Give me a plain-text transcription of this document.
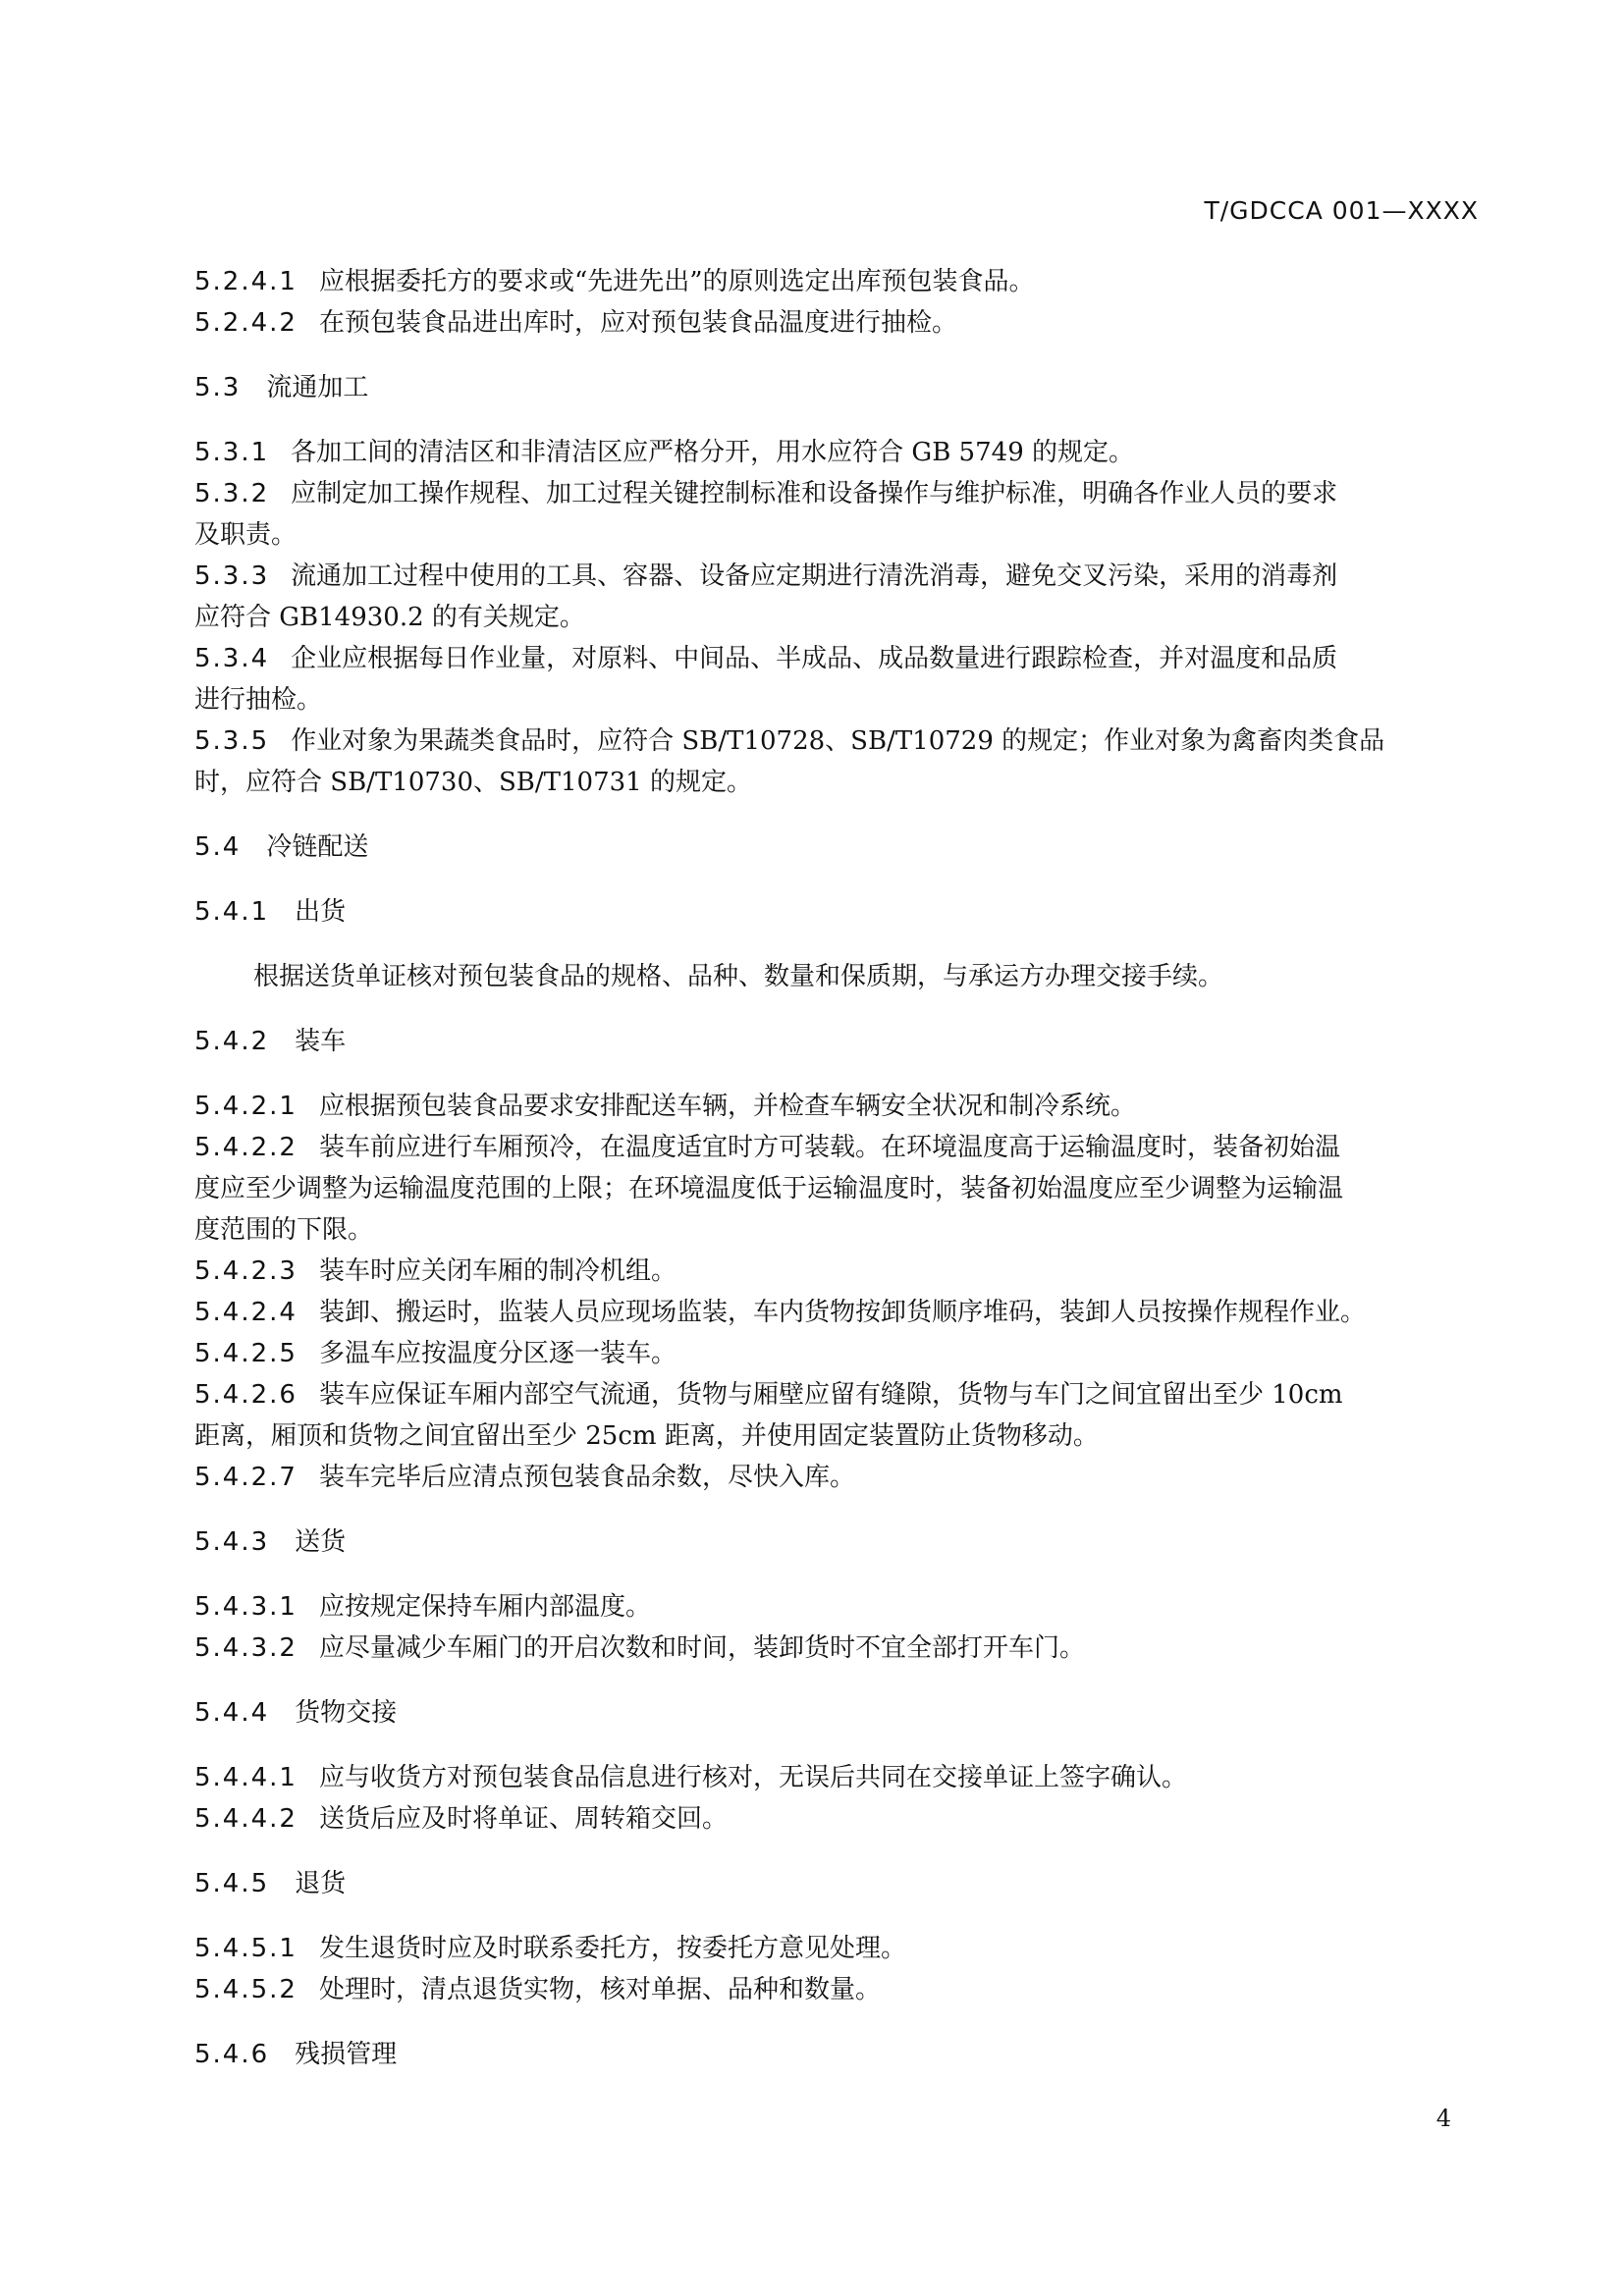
T/GDCCA 001—XXXX
5.2.4.1 应根据委托方的要求或“先进先出”的原则选定出库预包装食品。
5.2.4.2 在预包装食品进出库时，应对预包装食品温度进行抽检。
5.3 流通加工
5.3.1 各加工间的清洁区和非清洁区应严格分开，用水应符合 GB 5749 的规定。
5.3.2 应制定加工操作规程、加工过程关键控制标准和设备操作与维护标准，明确各作业人员的要求
及职责。
5.3.3 流通加工过程中使用的工具、容器、设备应定期进行清洗消毒，避免交叉污染，采用的消毒剂
应符合 GB14930.2 的有关规定。
5.3.4 企业应根据每日作业量，对原料、中间品、半成品、成品数量进行跟踪检查，并对温度和品质
进行抽检。
5.3.5 作业对象为果蔬类食品时，应符合 SB/T10728、SB/T10729 的规定；作业对象为禽畜肉类食品
时，应符合 SB/T10730、SB/T10731 的规定。
5.4 冷链配送
5.4.1 出货
根据送货单证核对预包装食品的规格、品种、数量和保质期，与承运方办理交接手续。
5.4.2 装车
5.4.2.1 应根据预包装食品要求安排配送车辆，并检查车辆安全状况和制冷系统。
5.4.2.2 装车前应进行车厢预冷，在温度适宜时方可装载。在环境温度高于运输温度时，装备初始温
度应至少调整为运输温度范围的上限；在环境温度低于运输温度时，装备初始温度应至少调整为运输温
度范围的下限。
5.4.2.3 装车时应关闭车厢的制冷机组。
5.4.2.4 装卸、搬运时，监装人员应现场监装，车内货物按卸货顺序堆码，装卸人员按操作规程作业。
5.4.2.5 多温车应按温度分区逐一装车。
5.4.2.6 装车应保证车厢内部空气流通，货物与厢壁应留有缝隙，货物与车门之间宜留出至少 10cm
距离，厢顶和货物之间宜留出至少 25cm 距离，并使用固定装置防止货物移动。
5.4.2.7 装车完毕后应清点预包装食品余数，尽快入库。
5.4.3 送货
5.4.3.1 应按规定保持车厢内部温度。
5.4.3.2 应尽量减少车厢门的开启次数和时间，装卸货时不宜全部打开车门。
5.4.4 货物交接
5.4.4.1 应与收货方对预包装食品信息进行核对，无误后共同在交接单证上签字确认。
5.4.4.2 送货后应及时将单证、周转箱交回。
5.4.5 退货
5.4.5.1 发生退货时应及时联系委托方，按委托方意见处理。
5.4.5.2 处理时，清点退货实物，核对单据、品种和数量。
5.4.6 残损管理
4
